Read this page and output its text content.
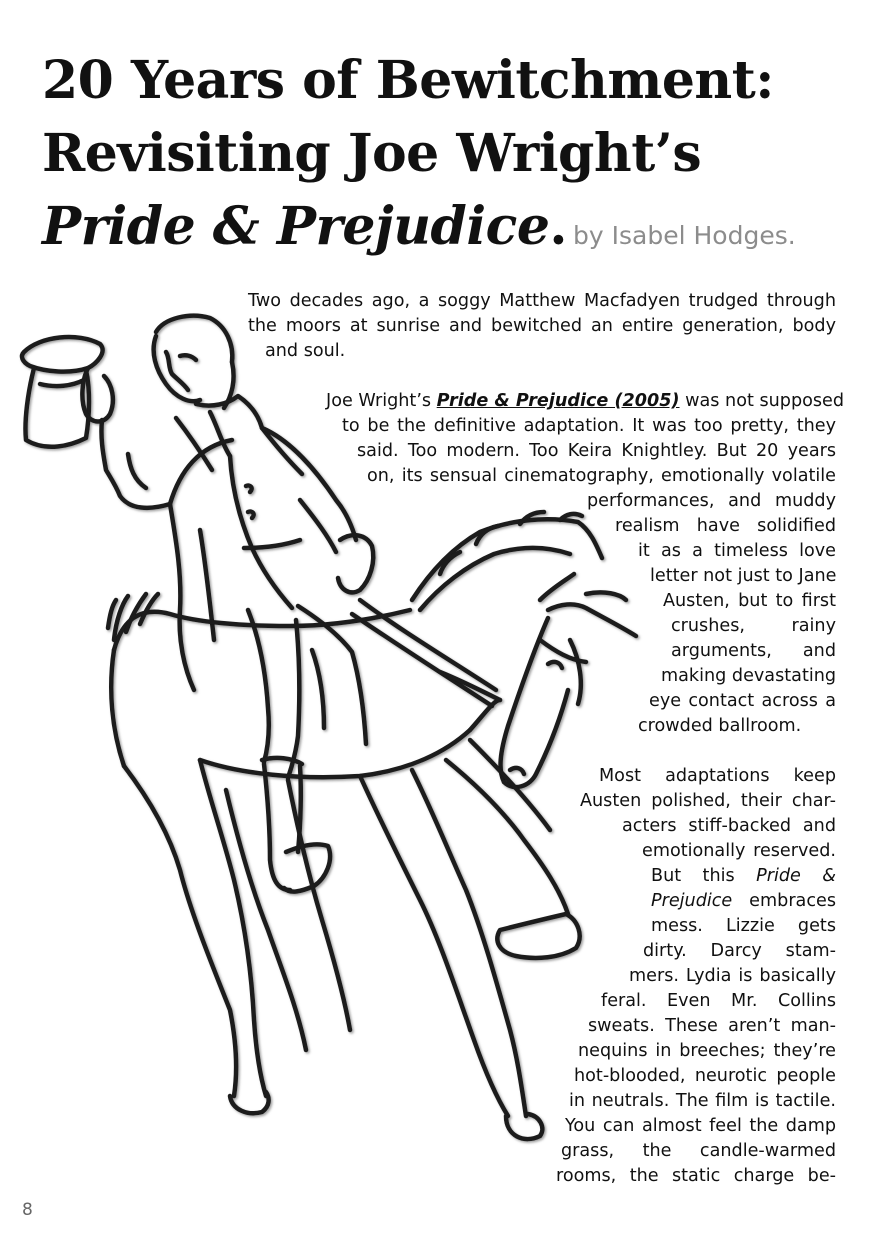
20 Years of Bewitchment:
Revisiting Joe Wright’s
Pride & Prejudice. by Isabel Hodges.
Two decades ago, a soggy Matthew Macfadyen trudged through
the moors at sunrise and bewitched an entire generation, body
and soul.
Joe Wright’s Pride & Prejudice (2005) was not supposed
to be the definitive adaptation. It was too pretty, they
said. Too modern. Too Keira Knightley. But 20 years
on, its sensual cinematography, emotionally volatile
performances, and muddy
realism have solidified
it as a timeless love
letter not just to Jane
Austen, but to first
crushes, rainy
arguments, and
making devastating
eye contact across a
crowded ballroom.
Most adaptations keep
Austen polished, their char-
acters stiff-backed and
emotionally reserved.
But this Pride &
Prejudice embraces
mess. Lizzie gets
dirty. Darcy stam-
mers. Lydia is basically
feral. Even Mr. Collins
sweats. These aren’t man-
nequins in breeches; they’re
hot-blooded, neurotic people
in neutrals. The film is tactile.
You can almost feel the damp
grass, the candle-warmed
rooms, the static charge be-
8
